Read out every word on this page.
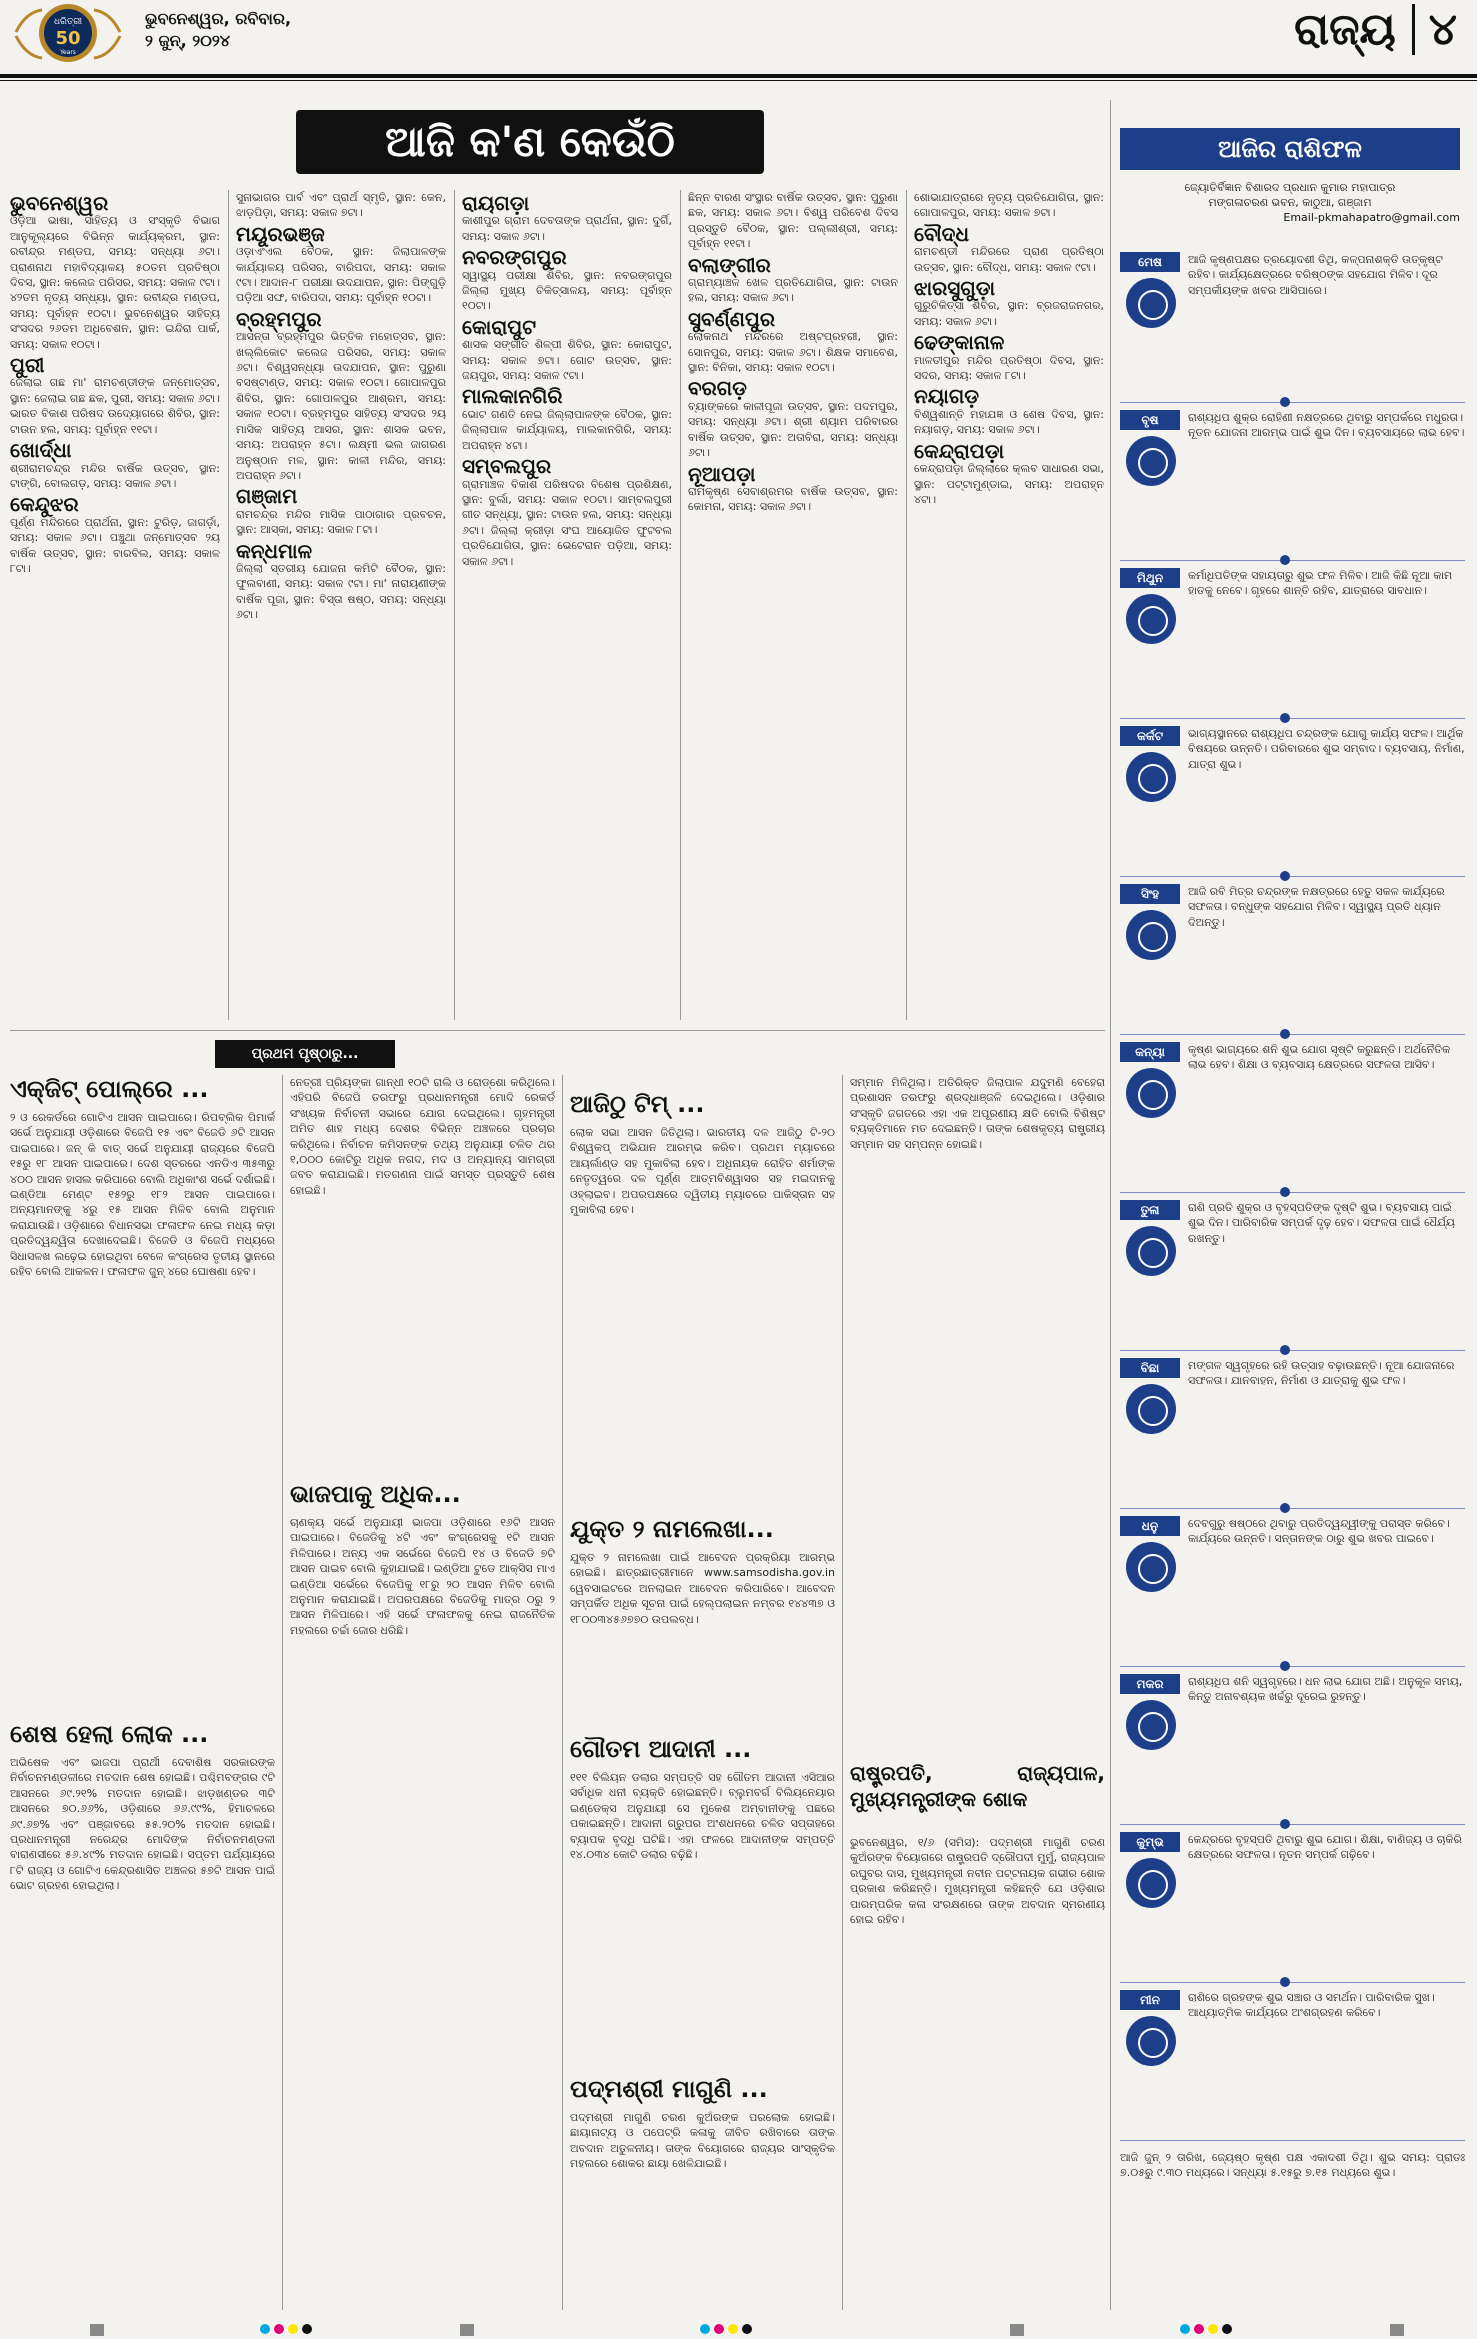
ଧରିତ୍ରୀ
50
Years
ଭୁବନେଶ୍ୱର, ରବିବାର,
୨ ଜୁନ୍, ୨୦୨୪	ରାଜ୍ୟ ୪
ଆଜି କ'ଣ କେଉଁଠି
ଭୁବନେଶ୍ୱର

ଓଡ଼ିଆ ଭାଷା, ସାହିତ୍ୟ ଓ ସଂସ୍କୃତି ବିଭାଗ ଆନୁକୂଲ୍ୟରେ ବିଭିନ୍ନ କାର୍ଯ୍ୟକ୍ରମ, ସ୍ଥାନ: ରବୀନ୍ଦ୍ର ମଣ୍ଡପ, ସମୟ: ସନ୍ଧ୍ୟା ୬ଟା। ପ୍ରାଣନାଥ ମହାବିଦ୍ୟାଳୟ ୫୦ତମ ପ୍ରତିଷ୍ଠା ଦିବସ, ସ୍ଥାନ: କଲେଜ ପରିସର, ସମୟ: ସକାଳ ୯ଟା। ୪୨ତମ ନୃତ୍ୟ ସନ୍ଧ୍ୟା, ସ୍ଥାନ: ରବୀନ୍ଦ୍ର ମଣ୍ଡପ, ସମୟ: ପୂର୍ବାହ୍ନ ୧୦ଟା। ଭୁବନେଶ୍ୱର ସାହିତ୍ୟ ସଂସଦର ୨୬ତମ ଅଧିବେଶନ, ସ୍ଥାନ: ଇନ୍ଦିରା ପାର୍କ, ସମୟ: ସକାଳ ୧୦ଟା।

ପୁରୀ

ଜେଲାଇ ଗଛ ମା' ରାମଚଣ୍ଡୀଙ୍କ ଜନ୍ମୋତ୍ସବ, ସ୍ଥାନ: ଜେଲାଇ ଗଛ ଛକ, ପୁରୀ, ସମୟ: ସକାଳ ୬ଟା। ଭାରତ ବିକାଶ ପରିଷଦ ଉଦ୍ୟୋଗରେ ଶିବିର, ସ୍ଥାନ: ଟାଉନ ହଲ, ସମୟ: ପୂର୍ବାହ୍ନ ୧୧ଟା।

ଖୋର୍ଦ୍ଧା

ଶ୍ରୀରାମଚନ୍ଦ୍ର ମନ୍ଦିର ବାର୍ଷିକ ଉତ୍ସବ, ସ୍ଥାନ: ଟାଙ୍ଗି, ବୋଲଗଡ଼, ସମୟ: ସକାଳ ୬ଟା।

କେନ୍ଦୁଝର

ପୂର୍ଣ୍ଣ ମନ୍ଦିରରେ ପ୍ରାର୍ଥନା, ସ୍ଥାନ: ଟୁରିଡ଼, ଜାଗର୍ଡ଼ା, ସମୟ: ସକାଳ ୬ଟା। ପଞ୍ଚୁଥା ଜନ୍ମୋତ୍ସବ ୨ୟ ବାର୍ଷିକ ଉତ୍ସବ, ସ୍ଥାନ: ବାରବିଲ, ସମୟ: ସକାଳ ୮ଟା।

ସୁନାଭାଗର ପାର୍ବ ଏବଂ ପ୍ରାର୍ଥ ସ୍ମୃତି, ସ୍ଥାନ: କେନ, ଝାଡ଼ପିଡ଼ା, ସମୟ: ସକାଳ ୭ଟା।

ମୟୂରଭଞ୍ଜ

ଓଡ଼ାଏଂଏଲ ବୈଠକ, ସ୍ଥାନ: ଜିଲାପାଳଙ୍କ କାର୍ଯ୍ୟାଳୟ ପରିସର, ବାରିପଦା, ସମୟ: ସକାଳ ୯ଟା। ଆଦାନ-୮ ପରୀକ୍ଷା ଉଦଯାପନ, ସ୍ଥାନ: ପିଙ୍ଗୁଡ଼ି ପଡ଼ିଆ ସଙ୍ଘ, ବାରିପଦା, ସମୟ: ପୂର୍ବାହ୍ନ ୧୦ଟା।

ବ୍ରହ୍ମପୁର

ଆସନ୍ତା ବ୍ରହ୍ମପୁର ଭିତ୍ତିକ ମହୋତ୍ସବ, ସ୍ଥାନ: ଖଲ୍ଲିକୋଟ କଲେଜ ପରିସର, ସମୟ: ସକାଳ ୬ଟା। ବିଶ୍ୱସନ୍ଧ୍ୟା ଉଦଯାପନ, ସ୍ଥାନ: ପୁରୁଣା ବସଷ୍ଟାଣ୍ଡ, ସମୟ: ସକାଳ ୧୦ଟା। ଗୋପାଳପୁର ଶିବିର, ସ୍ଥାନ: ଗୋପାଳପୁର ଆଶ୍ରମ, ସମୟ: ସକାଳ ୧୦ଟା। ବ୍ରହ୍ମପୁର ସାହିତ୍ୟ ସଂସଦର ୨ୟ ମାସିକ ସାହିତ୍ୟ ଆସର, ସ୍ଥାନ: ଶାସକ ଭବନ, ସମୟ: ଅପରାହ୍ନ ୫ଟା। ଲକ୍ଷ୍ମୀ ଭଲ ଜାଗରଣ ଅନୁଷ୍ଠାନ ମଳ, ସ୍ଥାନ: କାଳୀ ମନ୍ଦିର, ସମୟ: ଅପରାହ୍ନ ୬ଟା।

ଗଞ୍ଜାମ

ରାମଚନ୍ଦ୍ର ମନ୍ଦିର ମାସିକ ପାଠାଗାର ପ୍ରବଚନ, ସ୍ଥାନ: ଆସ୍କା, ସମୟ: ସକାଳ ୮ଟା।

କନ୍ଧମାଳ

ଜିଲ୍ଲା ସ୍ତରୀୟ ଯୋଜନା କମିଟି ବୈଠକ, ସ୍ଥାନ: ଫୁଲବାଣୀ, ସମୟ: ସକାଳ ୯ଟା। ମା' ନାରାୟଣୀଙ୍କ ବାର୍ଷିକ ପୂଜା, ସ୍ଥାନ: ବିସ୍ତା ଷଷ୍ଠ, ସମୟ: ସନ୍ଧ୍ୟା ୬ଟା।

ରାୟଗଡ଼ା

କାଶୀପୁର ଗ୍ରାମ ଦେବତାଙ୍କ ପ୍ରାର୍ଥନା, ସ୍ଥାନ: ଦୁର୍ଗି, ସମୟ: ସକାଳ ୬ଟା।

ନବରଙ୍ଗପୁର

ସ୍ୱାସ୍ଥ୍ୟ ପରୀକ୍ଷା ଶିବିର, ସ୍ଥାନ: ନବରଙ୍ଗପୁର ଜିଲ୍ଲା ମୁଖ୍ୟ ଚିକିତ୍ସାଳୟ, ସମୟ: ପୂର୍ବାହ୍ନ ୧୦ଟା।

କୋରାପୁଟ

ଶାସକ ସଙ୍ଗୀତ ଶିଳ୍ପୀ ଶିବିର, ସ୍ଥାନ: କୋରାପୁଟ, ସମୟ: ସକାଳ ୭ଟା। ଗୋଟ ଉତ୍ସବ, ସ୍ଥାନ: ଜୟପୁର, ସମୟ: ସକାଳ ୯ଟା।

ମାଲକାନଗିରି

ଭୋଟ ଗଣତି ନେଇ ଜିଲ୍ଲାପାଳଙ୍କ ବୈଠକ, ସ୍ଥାନ: ଜିଲ୍ଲାପାଳ କାର୍ଯ୍ୟାଳୟ, ମାଲକାନଗିରି, ସମୟ: ଅପରାହ୍ନ ୪ଟା।

ସମ୍ବଲପୁର

ଗ୍ରାମାଞ୍ଚଳ ବିକାଶ ପରିଷଦର ବିଶେଷ ପ୍ରଶିକ୍ଷଣ, ସ୍ଥାନ: ବୁର୍ଲା, ସମୟ: ସକାଳ ୧୦ଟା। ସାମ୍ବଲପୁରୀ ଗୀତ ସନ୍ଧ୍ୟା, ସ୍ଥାନ: ଟାଉନ ହଲ, ସମୟ: ସନ୍ଧ୍ୟା ୬ଟା। ଜିଲ୍ଲା କ୍ରୀଡ଼ା ସଂଘ ଆୟୋଜିତ ଫୁଟବଲ ପ୍ରତିଯୋଗିତା, ସ୍ଥାନ: ଭେଟେରାନ ପଡ଼ିଆ, ସମୟ: ସକାଳ ୬ଟା।

ଛିନ୍ନ ବାରଣ ସଂସ୍ଥାର ବାର୍ଷିକ ଉତ୍ସବ, ସ୍ଥାନ: ପୁରୁଣା ଛକ, ସମୟ: ସକାଳ ୬ଟା। ବିଶ୍ୱ ପରିବେଶ ଦିବସ ପ୍ରସ୍ତୁତି ବୈଠକ, ସ୍ଥାନ: ପଲ୍ଲୀଶ୍ରୀ, ସମୟ: ପୂର୍ବାହ୍ନ ୧୧ଟା।

ବଲାଙ୍ଗୀର

ଗ୍ରାମ୍ୟାଞ୍ଚଳ ଖେଳ ପ୍ରତିଯୋଗିତା, ସ୍ଥାନ: ଟାଉନ ହଲ, ସମୟ: ସକାଳ ୬ଟା।

ସୁବର୍ଣ୍ଣପୁର

ଲୋକନାଥ ମନ୍ଦିରରେ ଅଷ୍ଟପ୍ରହରୀ, ସ୍ଥାନ: ସୋନପୁର, ସମୟ: ସକାଳ ୬ଟା। ଶିକ୍ଷକ ସମାବେଶ, ସ୍ଥାନ: ବିନିକା, ସମୟ: ସକାଳ ୧୦ଟା।

ବରଗଡ଼

ବ୍ୟାଙ୍କରେ କାଳୀପୂଜା ଉତ୍ସବ, ସ୍ଥାନ: ପଦମପୁର, ସମୟ: ସନ୍ଧ୍ୟା ୬ଟା। ଶ୍ରୀ ଶ୍ୟାମ ପରିବାରର ବାର୍ଷିକ ଉତ୍ସବ, ସ୍ଥାନ: ଅତାବିରା, ସମୟ: ସନ୍ଧ୍ୟା ୬ଟା।

ନୂଆପଡ଼ା

ରାମକୃଷ୍ଣ ସେବାଶ୍ରମର ବାର୍ଷିକ ଉତ୍ସବ, ସ୍ଥାନ: କୋମନା, ସମୟ: ସକାଳ ୬ଟା।

ଶୋଭାଯାତ୍ରାରେ ନୃତ୍ୟ ପ୍ରତିଯୋଗିତା, ସ୍ଥାନ: ଗୋପାଳପୁର, ସମୟ: ସକାଳ ୭ଟା।

ବୌଦ୍ଧ

ରାମଚଣ୍ଡୀ ମନ୍ଦିରରେ ପ୍ରାଣ ପ୍ରତିଷ୍ଠା ଉତ୍ସବ, ସ୍ଥାନ: ବୌଦ୍ଧ, ସମୟ: ସକାଳ ୯ଟା।

ଝାରସୁଗୁଡ଼ା

ଗୁରୁଚିକିତ୍ସା ଶିବିର, ସ୍ଥାନ: ବ୍ରଜରାଜନଗର, ସମୟ: ସକାଳ ୬ଟା।

ଢେଙ୍କାନାଳ

ମାଳତୀପୁର ମନ୍ଦିର ପ୍ରତିଷ୍ଠା ଦିବସ, ସ୍ଥାନ: ସଦର, ସମୟ: ସକାଳ ୮ଟା।

ନୟାଗଡ଼

ବିଶ୍ୱଶାନ୍ତି ମହାଯଜ୍ଞ ଓ ଶେଷ ଦିବସ, ସ୍ଥାନ: ନୟାଗଡ଼, ସମୟ: ସକାଳ ୬ଟା।

କେନ୍ଦ୍ରାପଡ଼ା

କେନ୍ଦ୍ରାପଡ଼ା ଜିଲ୍ଲାରେ କ୍ଲବ ସାଧାରଣ ସଭା, ସ୍ଥାନ: ପଟ୍ଟାମୁଣ୍ଡାଇ, ସମୟ: ଅପରାହ୍ନ ୪ଟା।

ଆଜିର ରାଶିଫଳ
ଜ୍ୟୋତିର୍ବିଜ୍ଞାନ ବିଶାରଦ ପ୍ରଧାନ କୁମାର ମହାପାତ୍ର
ମଙ୍ଗଳାଚରଣ ଭବନ, କାଠୁଆ, ଗଞ୍ଜାମ
Email-pkmahapatro@gmail.com
ମେଷ	ଆଜି କୃଷ୍ଣପକ୍ଷର ତ୍ରୟୋଦଶୀ ତିଥି, କଳ୍ପନାଶକ୍ତି ଉତ୍କୃଷ୍ଟ ରହିବ। କାର୍ଯ୍ୟକ୍ଷେତ୍ରରେ ବରିଷ୍ଠଙ୍କ ସହଯୋଗ ମିଳିବ। ଦୂର ସମ୍ପର୍କୀୟଙ୍କ ଖବର ଆସିପାରେ।
ବୃଷ	ରାଶ୍ୟଧିପ ଶୁକ୍ର ରୋହିଣୀ ନକ୍ଷତ୍ରରେ ଥିବାରୁ ସମ୍ପର୍କରେ ମଧୁରତା। ନୂତନ ଯୋଜନା ଆରମ୍ଭ ପାଇଁ ଶୁଭ ଦିନ। ବ୍ୟବସାୟରେ ଲାଭ ହେବ।
ମିଥୁନ	କର୍ମାଧିପତିଙ୍କ ସହାୟତାରୁ ଶୁଭ ଫଳ ମିଳିବ। ଆଜି କିଛି ନୂଆ କାମ ହାତକୁ ନେବେ। ଗୃହରେ ଶାନ୍ତି ରହିବ, ଯାତ୍ରାରେ ସାବଧାନ।
କର୍କଟ	ଭାଗ୍ୟସ୍ଥାନରେ ରାଶ୍ୟଧିପ ଚନ୍ଦ୍ରଙ୍କ ଯୋଗୁ କାର୍ଯ୍ୟ ସଫଳ। ଆର୍ଥିକ ବିଷୟରେ ଉନ୍ନତି। ପରିବାରରେ ଶୁଭ ସମ୍ବାଦ। ବ୍ୟବସାୟ, ନିର୍ମାଣ, ଯାତ୍ରା ଶୁଭ।
ସିଂହ	ଆଜି ରବି ମିତ୍ର ଚନ୍ଦ୍ରଙ୍କ ନକ୍ଷତ୍ରରେ ହେତୁ ସକଳ କାର୍ଯ୍ୟରେ ସଫଳତା। ବନ୍ଧୁଙ୍କ ସହଯୋଗ ମିଳିବ। ସ୍ୱାସ୍ଥ୍ୟ ପ୍ରତି ଧ୍ୟାନ ଦିଅନ୍ତୁ।
କନ୍ୟା	କୃଷ୍ଣ ଭାଗ୍ୟରେ ଶନି ଶୁଭ ଯୋଗ ସୃଷ୍ଟି କରୁଛନ୍ତି। ଅର୍ଥନୈତିକ ଲାଭ ହେବ। ଶିକ୍ଷା ଓ ବ୍ୟବସାୟ କ୍ଷେତ୍ରରେ ସଫଳତା ଆସିବ।
ତୁଳା	ରାଶି ପ୍ରତି ଶୁକ୍ର ଓ ବୃହସ୍ପତିଙ୍କ ଦୃଷ୍ଟି ଶୁଭ। ବ୍ୟବସାୟ ପାଇଁ ଶୁଭ ଦିନ। ପାରିବାରିକ ସମ୍ପର୍କ ଦୃଢ଼ ହେବ। ସଫଳତା ପାଇଁ ଧୈର୍ଯ୍ୟ ରଖନ୍ତୁ।
ବିଛା	ମଙ୍ଗଳ ସ୍ୱଗୃହରେ ରହି ଉତ୍ସାହ ବଢ଼ାଉଛନ୍ତି। ନୂଆ ଯୋଜନାରେ ସଫଳତା। ଯାନବାହନ, ନିର୍ମାଣ ଓ ଯାତ୍ରାକୁ ଶୁଭ ଫଳ।
ଧନୁ	ଦେବଗୁରୁ ଷଷ୍ଠରେ ଥିବାରୁ ପ୍ରତିଦ୍ୱନ୍ଦ୍ୱୀଙ୍କୁ ପରାସ୍ତ କରିବେ। କାର୍ଯ୍ୟରେ ଉନ୍ନତି। ସନ୍ତାନଙ୍କ ଠାରୁ ଶୁଭ ଖବର ପାଇବେ।
ମକର	ରାଶ୍ୟଧିପ ଶନି ସ୍ୱଗୃହରେ। ଧନ ଲାଭ ଯୋଗ ଅଛି। ଅନୁକୂଳ ସମୟ, କିନ୍ତୁ ଅନାବଶ୍ୟକ ଖର୍ଚ୍ଚରୁ ଦୂରେଇ ରୁହନ୍ତୁ।
କୁମ୍ଭ	କେନ୍ଦ୍ରରେ ବୃହସ୍ପତି ଥିବାରୁ ଶୁଭ ଯୋଗ। ଶିକ୍ଷା, ବାଣିଜ୍ୟ ଓ ଚାକିରି କ୍ଷେତ୍ରରେ ସଫଳତା। ନୂତନ ସମ୍ପର୍କ ଗଢ଼ିବେ।
ମୀନ	ରାଶିରେ ଗ୍ରହଙ୍କ ଶୁଭ ସଞ୍ଚାର ଓ ସମର୍ଥନ। ପାରିବାରିକ ସୁଖ। ଆଧ୍ୟାତ୍ମିକ କାର୍ଯ୍ୟରେ ଅଂଶଗ୍ରହଣ କରିବେ।

ଆଜି ଜୁନ୍ ୨ ତାରିଖ, ଜ୍ୟେଷ୍ଠ କୃଷ୍ଣ ପକ୍ଷ ଏକାଦଶୀ ତିଥି। ଶୁଭ ସମୟ: ପ୍ରାତଃ ୭.୦୫ରୁ ୯.୩୦ ମଧ୍ୟରେ। ସନ୍ଧ୍ୟା ୫.୧୫ରୁ ୭.୧୫ ମଧ୍ୟରେ ଶୁଭ।

ପ୍ରଥମ ପୃଷ୍ଠାରୁ...
ଏକ୍ଜିଟ୍ ପୋଲ୍‌ରେ ...

୨ ଓ ରେକର୍ଡରେ ଗୋଟିଏ ଆସନ ପାଇପାରେ। ରିପବ୍ଲିକ ପିମାର୍କ ସର୍ଭେ ଅନୁଯାୟୀ ଓଡ଼ିଶାରେ ବିଜେପି ୧୫ ଏବଂ ବିଜେଡି ୬ଟି ଆସନ ପାଇପାରେ। ଜନ୍ କି ବାତ୍ ସର୍ଭେ ଅନୁଯାୟୀ ରାଜ୍ୟରେ ବିଜେପି ୧୫ରୁ ୧୮ ଆସନ ପାଇପାରେ। ଦେଶ ସ୍ତରରେ ଏନଡିଏ ୩୫୩ରୁ ୪୦୦ ଆସନ ହାସଲ କରିପାରେ ବୋଲି ଅଧିକାଂଶ ସର୍ଭେ ଦର୍ଶାଇଛି। ଇଣ୍ଡିଆ ମେଣ୍ଟ ୧୫୨ରୁ ୧୮୨ ଆସନ ପାଇପାରେ। ଅନ୍ୟମାନଙ୍କୁ ୪ରୁ ୧୫ ଆସନ ମିଳିବ ବୋଲି ଅନୁମାନ କରାଯାଉଛି। ଓଡ଼ିଶାରେ ବିଧାନସଭା ଫଳାଫଳ ନେଇ ମଧ୍ୟ କଡ଼ା ପ୍ରତିଦ୍ୱନ୍ଦ୍ୱିତା ଦେଖାଦେଇଛି। ବିଜେଡି ଓ ବିଜେପି ମଧ୍ୟରେ ସିଧାସଳଖ ଲଢ଼େଇ ହୋଇଥିବା ବେଳେ କଂଗ୍ରେସ ତୃତୀୟ ସ୍ଥାନରେ ରହିବ ବୋଲି ଆକଳନ। ଫଳାଫଳ ଜୁନ୍ ୪ରେ ଘୋଷଣା ହେବ।

ଶେଷ ହେଲା ଲୋକ ...

ଅଭିଷେକ ଏବଂ ଭାଜପା ପ୍ରାର୍ଥୀ ଦେବାଶିଷ ସରକାରଙ୍କ ନିର୍ବାଚନମଣ୍ଡଳୀରେ ମତଦାନ ଶେଷ ହୋଇଛି। ପଶ୍ଚିମବଙ୍ଗର ୯ଟି ଆସନରେ ୬୯.୨୧% ମତଦାନ ହୋଇଛି। ଝାଡ଼ଖଣ୍ଡର ୩ଟି ଆସନରେ ୭୦.୬୬%, ଓଡ଼ିଶାରେ ୬୬.୯୯%, ହିମାଚଳରେ ୬୯.୬୭% ଏବଂ ପଞ୍ଜାବରେ ୫୫.୨୦% ମତଦାନ ହୋଇଛି। ପ୍ରଧାନମନ୍ତ୍ରୀ ନରେନ୍ଦ୍ର ମୋଦିଙ୍କ ନିର୍ବାଚନମଣ୍ଡଳୀ ବାରାଣସୀରେ ୫୬.୪୯% ମତଦାନ ହୋଇଛି। ସପ୍ତମ ପର୍ଯ୍ୟାୟରେ ୮ଟି ରାଜ୍ୟ ଓ ଗୋଟିଏ କେନ୍ଦ୍ରଶାସିତ ଅଞ୍ଚଳର ୫୭ଟି ଆସନ ପାଇଁ ଭୋଟ ଗ୍ରହଣ ହୋଇଥିଲା।

ନେତ୍ରୀ ପ୍ରିୟଙ୍କା ଗାନ୍ଧୀ ୧୦ଟି ରାଲି ଓ ରୋଡ୍‌ଶୋ କରିଥିଲେ। ଏହିପରି ବିଜେପି ତରଫରୁ ପ୍ରଧାନମନ୍ତ୍ରୀ ମୋଦି ରେକର୍ଡ ସଂଖ୍ୟକ ନିର୍ବାଚନୀ ସଭାରେ ଯୋଗ ଦେଇଥିଲେ। ଗୃହମନ୍ତ୍ରୀ ଅମିତ ଶାହ ମଧ୍ୟ ଦେଶର ବିଭିନ୍ନ ଅଞ୍ଚଳରେ ପ୍ରଚାର କରିଥିଲେ। ନିର୍ବାଚନ କମିସନଙ୍କ ତଥ୍ୟ ଅନୁଯାୟୀ ଚଳିତ ଥର ୧,୦୦୦ କୋଟିରୁ ଅଧିକ ନଗଦ, ମଦ ଓ ଅନ୍ୟାନ୍ୟ ସାମଗ୍ରୀ ଜବତ କରାଯାଇଛି। ମତଗଣନା ପାଇଁ ସମସ୍ତ ପ୍ରସ୍ତୁତି ଶେଷ ହୋଇଛି।

ଭାଜପାକୁ ଅଧିକ...

ଚାଣକ୍ୟ ସର୍ଭେ ଅନୁଯାୟୀ ଭାଜପା ଓଡ଼ିଶାରେ ୧୬ଟି ଆସନ ପାଇପାରେ। ବିଜେଡିକୁ ୪ଟି ଏବଂ କଂଗ୍ରେସକୁ ୧ଟି ଆସନ ମିଳିପାରେ। ଅନ୍ୟ ଏକ ସର୍ଭେରେ ବିଜେପି ୧୪ ଓ ବିଜେଡି ୭ଟି ଆସନ ପାଇବ ବୋଲି କୁହାଯାଇଛି। ଇଣ୍ଡିଆ ଟୁଡେ ଆକ୍ସିସ ମାଏ ଇଣ୍ଡିଆ ସର୍ଭେରେ ବିଜେପିକୁ ୧୮ରୁ ୨୦ ଆସନ ମିଳିବ ବୋଲି ଅନୁମାନ କରାଯାଇଛି। ଅପରପକ୍ଷରେ ବିଜେଡିକୁ ମାତ୍ର ୦ରୁ ୨ ଆସନ ମିଳିପାରେ। ଏହି ସର୍ଭେ ଫଳାଫଳକୁ ନେଇ ରାଜନୈତିକ ମହଲରେ ଚର୍ଚ୍ଚା ଜୋର ଧରିଛି।

ଆଜିଠୁ ଟିମ୍ ...

ଲୋକ ସଭା ଆସନ ଜିତିଥିଲା। ଭାରତୀୟ ଦଳ ଆଜିଠୁ ଟି-୨୦ ବିଶ୍ୱକପ୍ ଅଭିଯାନ ଆରମ୍ଭ କରିବ। ପ୍ରଥମ ମ୍ୟାଚରେ ଆୟର୍ଲାଣ୍ଡ ସହ ମୁକାବିଲା ହେବ। ଅଧିନାୟକ ରୋହିତ ଶର୍ମାଙ୍କ ନେତୃତ୍ୱରେ ଦଳ ପୂର୍ଣ୍ଣ ଆତ୍ମବିଶ୍ୱାସର ସହ ମଇଦାନକୁ ଓହ୍ଲାଇବ। ଅପରପକ୍ଷରେ ଦ୍ୱିତୀୟ ମ୍ୟାଚରେ ପାକିସ୍ତାନ ସହ ମୁକାବିଲା ହେବ।

ଯୁକ୍ତ ୨ ନାମଲେଖା...

ଯୁକ୍ତ ୨ ନାମଲେଖା ପାଇଁ ଆବେଦନ ପ୍ରକ୍ରିୟା ଆରମ୍ଭ ହୋଇଛି। ଛାତ୍ରଛାତ୍ରୀମାନେ www.samsodisha.gov.in ୱେବସାଇଟରେ ଅନଲାଇନ ଆବେଦନ କରିପାରିବେ। ଆବେଦନ ସମ୍ପର୍କିତ ଅଧିକ ସୂଚନା ପାଇଁ ହେଲ୍ପଲାଇନ ନମ୍ବର ୧୪୪୩୭ ଓ ୧୮୦୦୩୪୫୬୭୭୦ ଉପଲବ୍ଧ।

ଗୌତମ ଆଦାନୀ ...

୧୧୧ ବିଲିୟନ ଡଲାର ସମ୍ପତ୍ତି ସହ ଗୌତମ ଆଦାନୀ ଏସିଆର ସର୍ବାଧିକ ଧନୀ ବ୍ୟକ୍ତି ହୋଇଛନ୍ତି। ବ୍ଲୁମବର୍ଗ ବିଲିୟନେୟାର ଇଣ୍ଡେକ୍ସ ଅନୁଯାୟୀ ସେ ମୁକେଶ ଅମ୍ବାନୀଙ୍କୁ ପଛରେ ପକାଇଛନ୍ତି। ଆଦାନୀ ଗ୍ରୁପର ଅଂଶଧନରେ ଚଳିତ ସପ୍ତାହରେ ବ୍ୟାପକ ବୃଦ୍ଧି ଘଟିଛି। ଏହା ଫଳରେ ଆଦାନୀଙ୍କ ସମ୍ପତ୍ତି ୧୪.୦୩୪ କୋଟି ଡଲାର ବଢ଼ିଛି।

ପଦ୍ମଶ୍ରୀ ମାଗୁଣି ...

ପଦ୍ମଶ୍ରୀ ମାଗୁଣି ଚରଣ କୁଅଁରଙ୍କ ପରଲୋକ ହୋଇଛି। ଛାୟାନାଟ୍ୟ ଓ ପପେଟ୍ରି କଳାକୁ ଜୀବିତ ରଖିବାରେ ତାଙ୍କ ଅବଦାନ ଅତୁଳନୀୟ। ତାଙ୍କ ବିୟୋଗରେ ରାଜ୍ୟର ସାଂସ୍କୃତିକ ମହଲରେ ଶୋକର ଛାୟା ଖେଳିଯାଇଛି।

ସମ୍ମାନ ମିଳିଥିଲା। ଅତିରିକ୍ତ ଜିଲାପାଳ ଯଦୁମଣି ବେହେରା ପ୍ରଶାସନ ତରଫରୁ ଶ୍ରଦ୍ଧାଞ୍ଜଳି ଦେଇଥିଲେ। ଓଡ଼ିଶାର ସଂସ୍କୃତି ଜଗତରେ ଏହା ଏକ ଅପୂରଣୀୟ କ୍ଷତି ବୋଲି ବିଶିଷ୍ଟ ବ୍ୟକ୍ତିମାନେ ମତ ଦେଇଛନ୍ତି। ତାଙ୍କ ଶେଷକୃତ୍ୟ ରାଷ୍ଟ୍ରୀୟ ସମ୍ମାନ ସହ ସମ୍ପନ୍ନ ହୋଇଛି।

ରାଷ୍ଟ୍ରପତି, ରାଜ୍ୟପାଳ, ମୁଖ୍ୟମନ୍ତ୍ରୀଙ୍କ ଶୋକ

ଭୁବନେଶ୍ୱର, ୧/୬ (ସମିସ): ପଦ୍ମଶ୍ରୀ ମାଗୁଣି ଚରଣ କୁଅଁରଙ୍କ ବିୟୋଗରେ ରାଷ୍ଟ୍ରପତି ଦ୍ରୌପଦୀ ମୁର୍ମୁ, ରାଜ୍ୟପାଳ ରଘୁବର ଦାସ, ମୁଖ୍ୟମନ୍ତ୍ରୀ ନବୀନ ପଟ୍ଟନାୟକ ଗଭୀର ଶୋକ ପ୍ରକାଶ କରିଛନ୍ତି। ମୁଖ୍ୟମନ୍ତ୍ରୀ କହିଛନ୍ତି ଯେ ଓଡ଼ିଶାର ପାରମ୍ପରିକ କଳା ସଂରକ୍ଷଣରେ ତାଙ୍କ ଅବଦାନ ସ୍ମରଣୀୟ ହୋଇ ରହିବ।
